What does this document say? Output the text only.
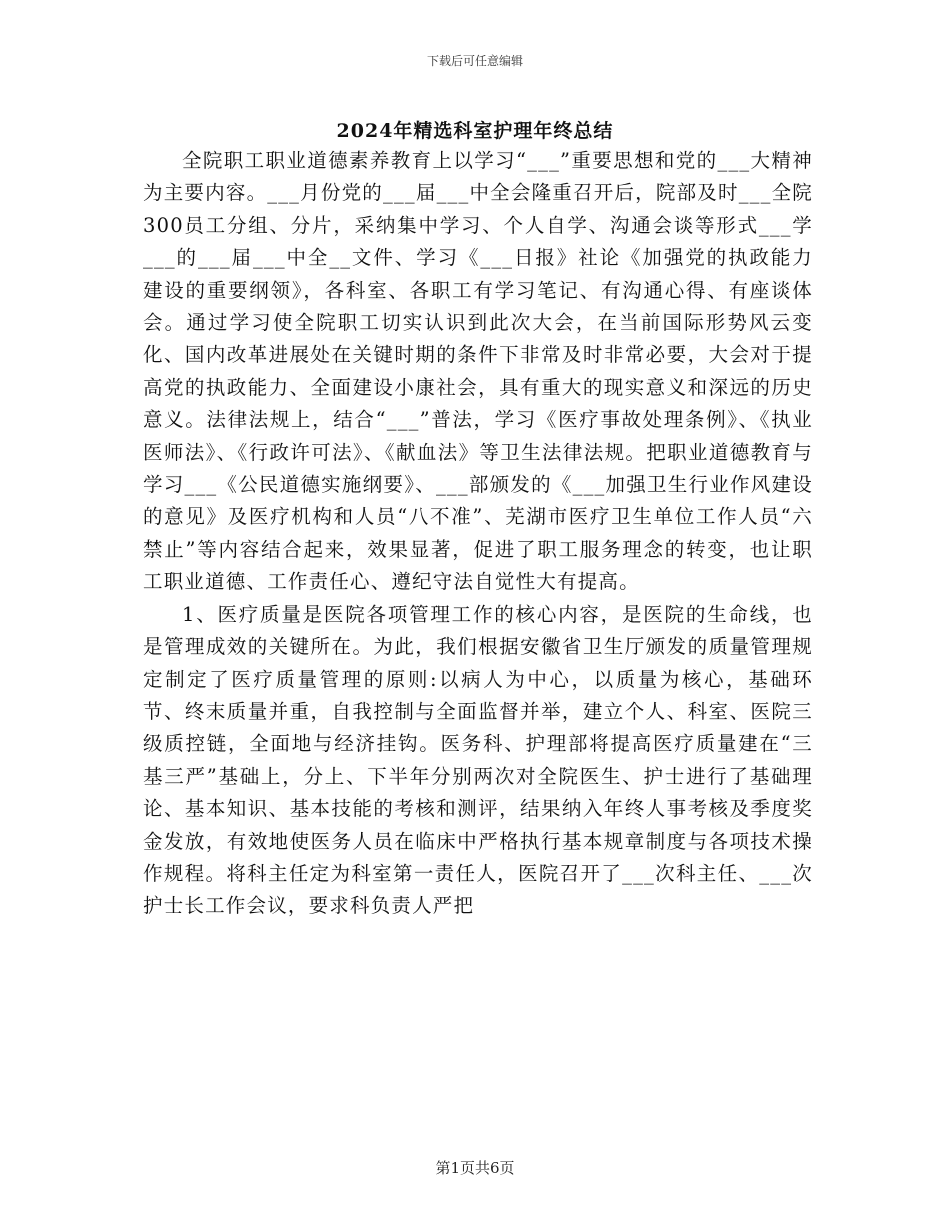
下载后可任意编辑
2024年精选科室护理年终总结

全院职工职业道德素养教育上以学习“___”重要思想和党的___大精神为主要内容。___月份党的___届___中全会隆重召开后，院部及时___全院300员工分组、分片，采纳集中学习、个人自学、沟通会谈等形式___学___的___届___中全__文件、学习《___日报》社论《加强党的执政能力建设的重要纲领》，各科室、各职工有学习笔记、有沟通心得、有座谈体会。通过学习使全院职工切实认识到此次大会，在当前国际形势风云变化、国内改革进展处在关键时期的条件下非常及时非常必要，大会对于提高党的执政能力、全面建设小康社会，具有重大的现实意义和深远的历史意义。法律法规上，结合“___”普法，学习《医疗事故处理条例》、《执业医师法》、《行政许可法》、《献血法》等卫生法律法规。把职业道德教育与学习___《公民道德实施纲要》、___部颁发的《___加强卫生行业作风建设的意见》及医疗机构和人员“八不准”、芜湖市医疗卫生单位工作人员“六禁止”等内容结合起来，效果显著，促进了职工服务理念的转变，也让职工职业道德、工作责任心、遵纪守法自觉性大有提高。

1、医疗质量是医院各项管理工作的核心内容，是医院的生命线，也是管理成效的关键所在。为此，我们根据安徽省卫生厅颁发的质量管理规定制定了医疗质量管理的原则:以病人为中心，以质量为核心，基础环节、终末质量并重，自我控制与全面监督并举，建立个人、科室、医院三级质控链，全面地与经济挂钩。医务科、护理部将提高医疗质量建在“三基三严”基础上，分上、下半年分别两次对全院医生、护士进行了基础理论、基本知识、基本技能的考核和测评，结果纳入年终人事考核及季度奖金发放，有效地使医务人员在临床中严格执行基本规章制度与各项技术操作规程。将科主任定为科室第一责任人，医院召开了___次科主任、___次护士长工作会议，要求科负责人严把

第1页共6页
